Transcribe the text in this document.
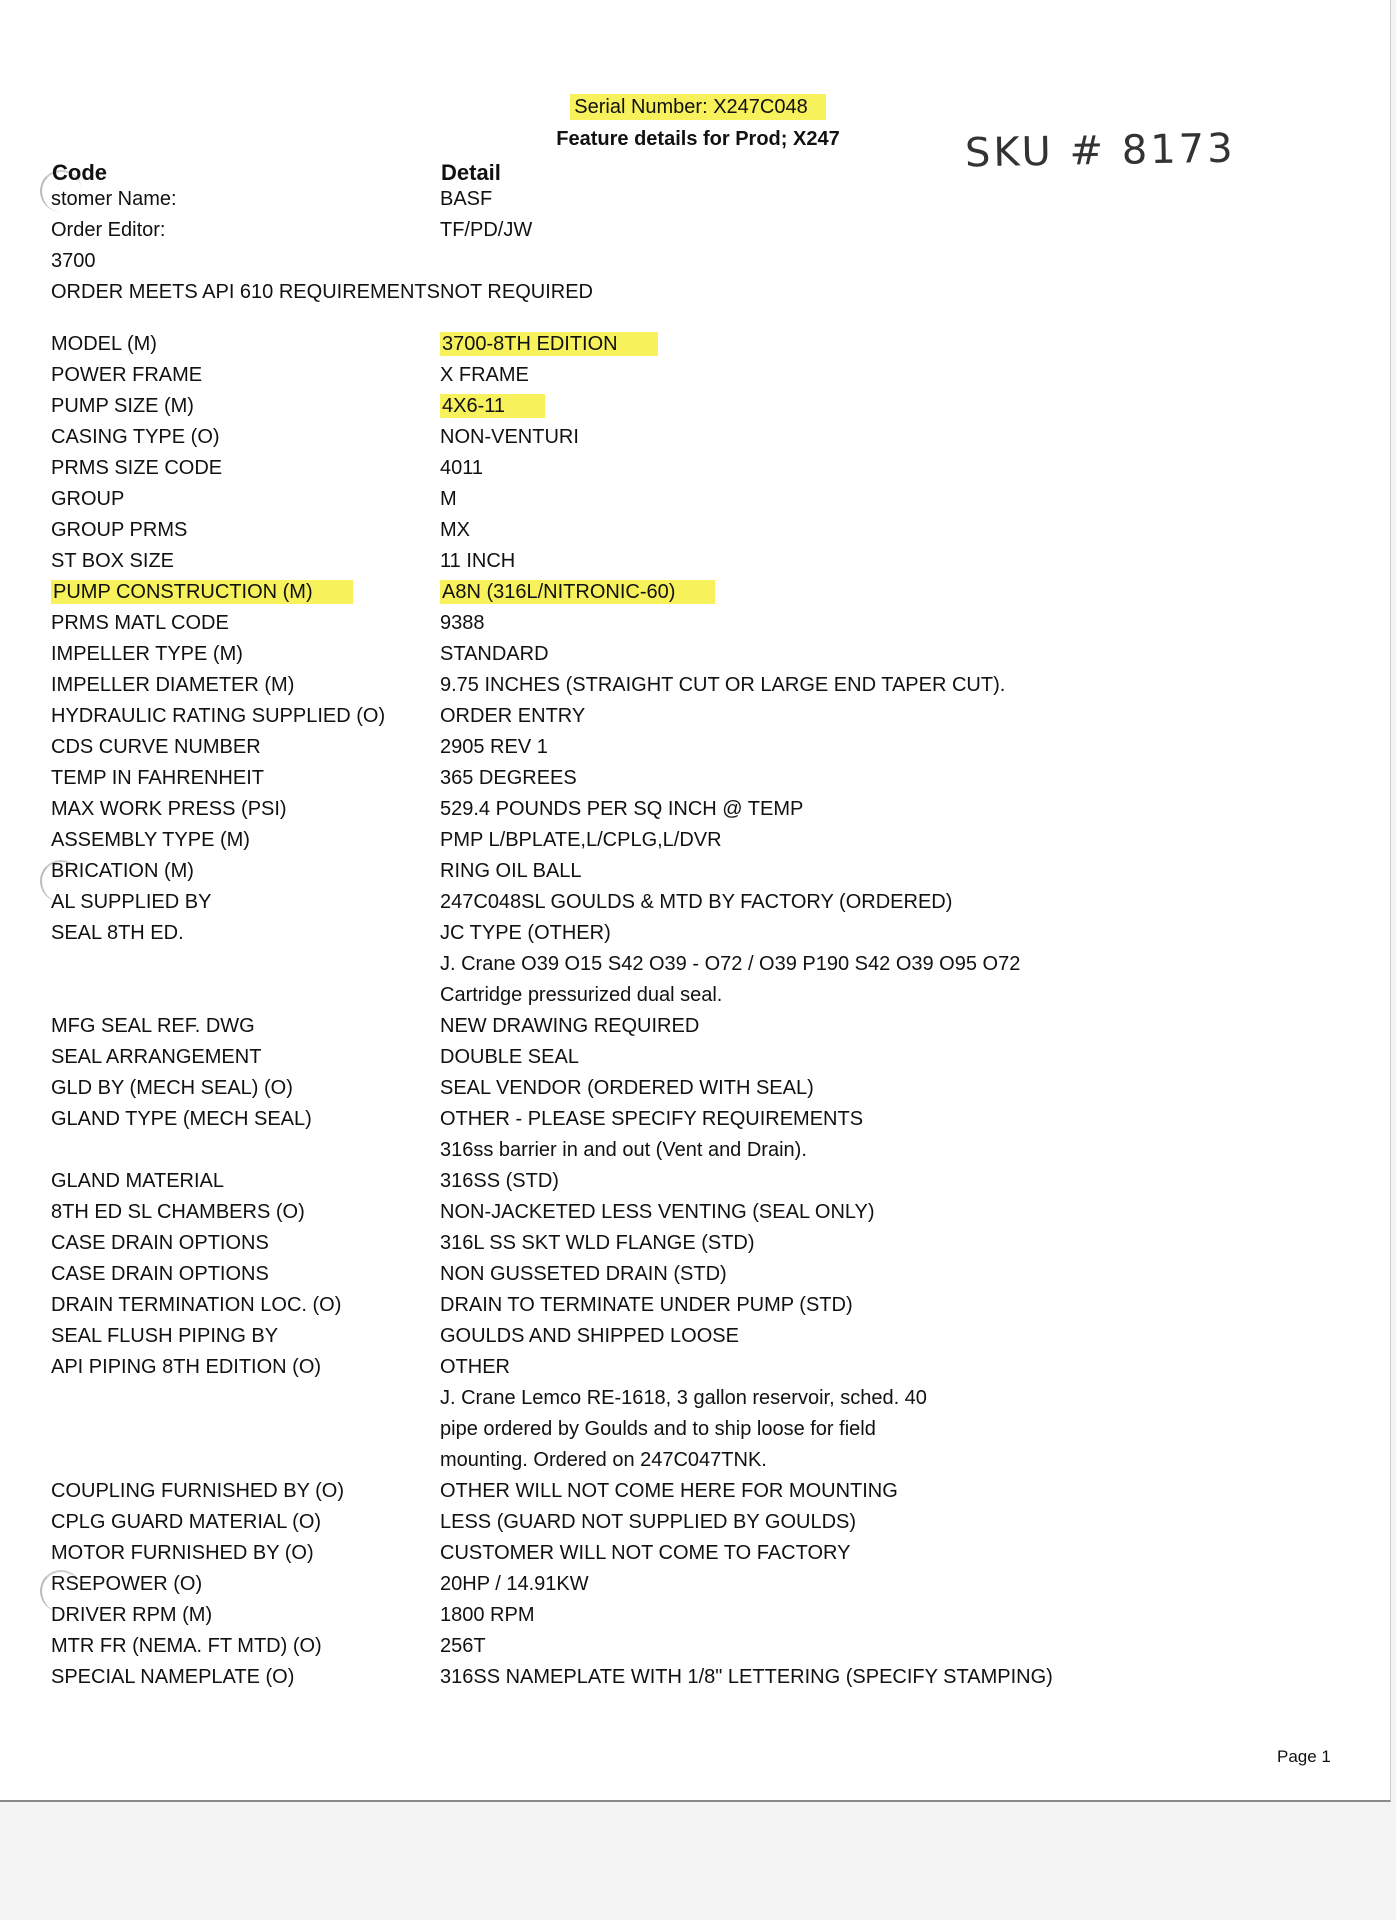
Serial Number: X247C048
Feature details for Prod; X247	SKU # 8173
Code	Detail
stomer Name:	BASF
Order Editor:	TF/PD/JW
3700
ORDER MEETS API 610 REQUIREMENTS NOT REQUIRED
MODEL (M)	3700-8TH EDITION
POWER FRAME	X FRAME
PUMP SIZE (M)	4X6-11
CASING TYPE (O)	NON-VENTURI
PRMS SIZE CODE	4011
GROUP	M
GROUP PRMS	MX
ST BOX SIZE	11 INCH
PUMP CONSTRUCTION (M)	A8N (316L/NITRONIC-60)
PRMS MATL CODE	9388
IMPELLER TYPE (M)	STANDARD
IMPELLER DIAMETER (M)	9.75 INCHES (STRAIGHT CUT OR LARGE END TAPER CUT).
HYDRAULIC RATING SUPPLIED (O)	ORDER ENTRY
CDS CURVE NUMBER	2905 REV 1
TEMP IN FAHRENHEIT	365 DEGREES
MAX WORK PRESS (PSI)	529.4 POUNDS PER SQ INCH @ TEMP
ASSEMBLY TYPE (M)	PMP L/BPLATE,L/CPLG,L/DVR
BRICATION (M)	RING OIL BALL
AL SUPPLIED BY	247C048SL GOULDS & MTD BY FACTORY (ORDERED)
SEAL 8TH ED.	JC TYPE (OTHER)
J. Crane O39 O15 S42 O39 - O72 / O39 P190 S42 O39 O95 O72
Cartridge pressurized dual seal.
MFG SEAL REF. DWG	NEW DRAWING REQUIRED
SEAL ARRANGEMENT	DOUBLE SEAL
GLD BY (MECH SEAL) (O)	SEAL VENDOR (ORDERED WITH SEAL)
GLAND TYPE (MECH SEAL)	OTHER - PLEASE SPECIFY REQUIREMENTS
316ss barrier in and out (Vent and Drain).
GLAND MATERIAL	316SS (STD)
8TH ED SL CHAMBERS (O)	NON-JACKETED LESS VENTING (SEAL ONLY)
CASE DRAIN OPTIONS	316L SS SKT WLD FLANGE (STD)
CASE DRAIN OPTIONS	NON GUSSETED DRAIN (STD)
DRAIN TERMINATION LOC. (O)	DRAIN TO TERMINATE UNDER PUMP (STD)
SEAL FLUSH PIPING BY	GOULDS AND SHIPPED LOOSE
API PIPING 8TH EDITION (O)	OTHER
J. Crane Lemco RE-1618, 3 gallon reservoir, sched. 40
pipe ordered by Goulds and to ship loose for field
mounting. Ordered on 247C047TNK.
COUPLING FURNISHED BY (O)	OTHER WILL NOT COME HERE FOR MOUNTING
CPLG GUARD MATERIAL (O)	LESS (GUARD NOT SUPPLIED BY GOULDS)
MOTOR FURNISHED BY (O)	CUSTOMER WILL NOT COME TO FACTORY
RSEPOWER (O)	20HP / 14.91KW
DRIVER RPM (M)	1800 RPM
MTR FR (NEMA. FT MTD) (O)	256T
SPECIAL NAMEPLATE (O)	316SS NAMEPLATE WITH 1/8" LETTERING (SPECIFY STAMPING)
Page 1
